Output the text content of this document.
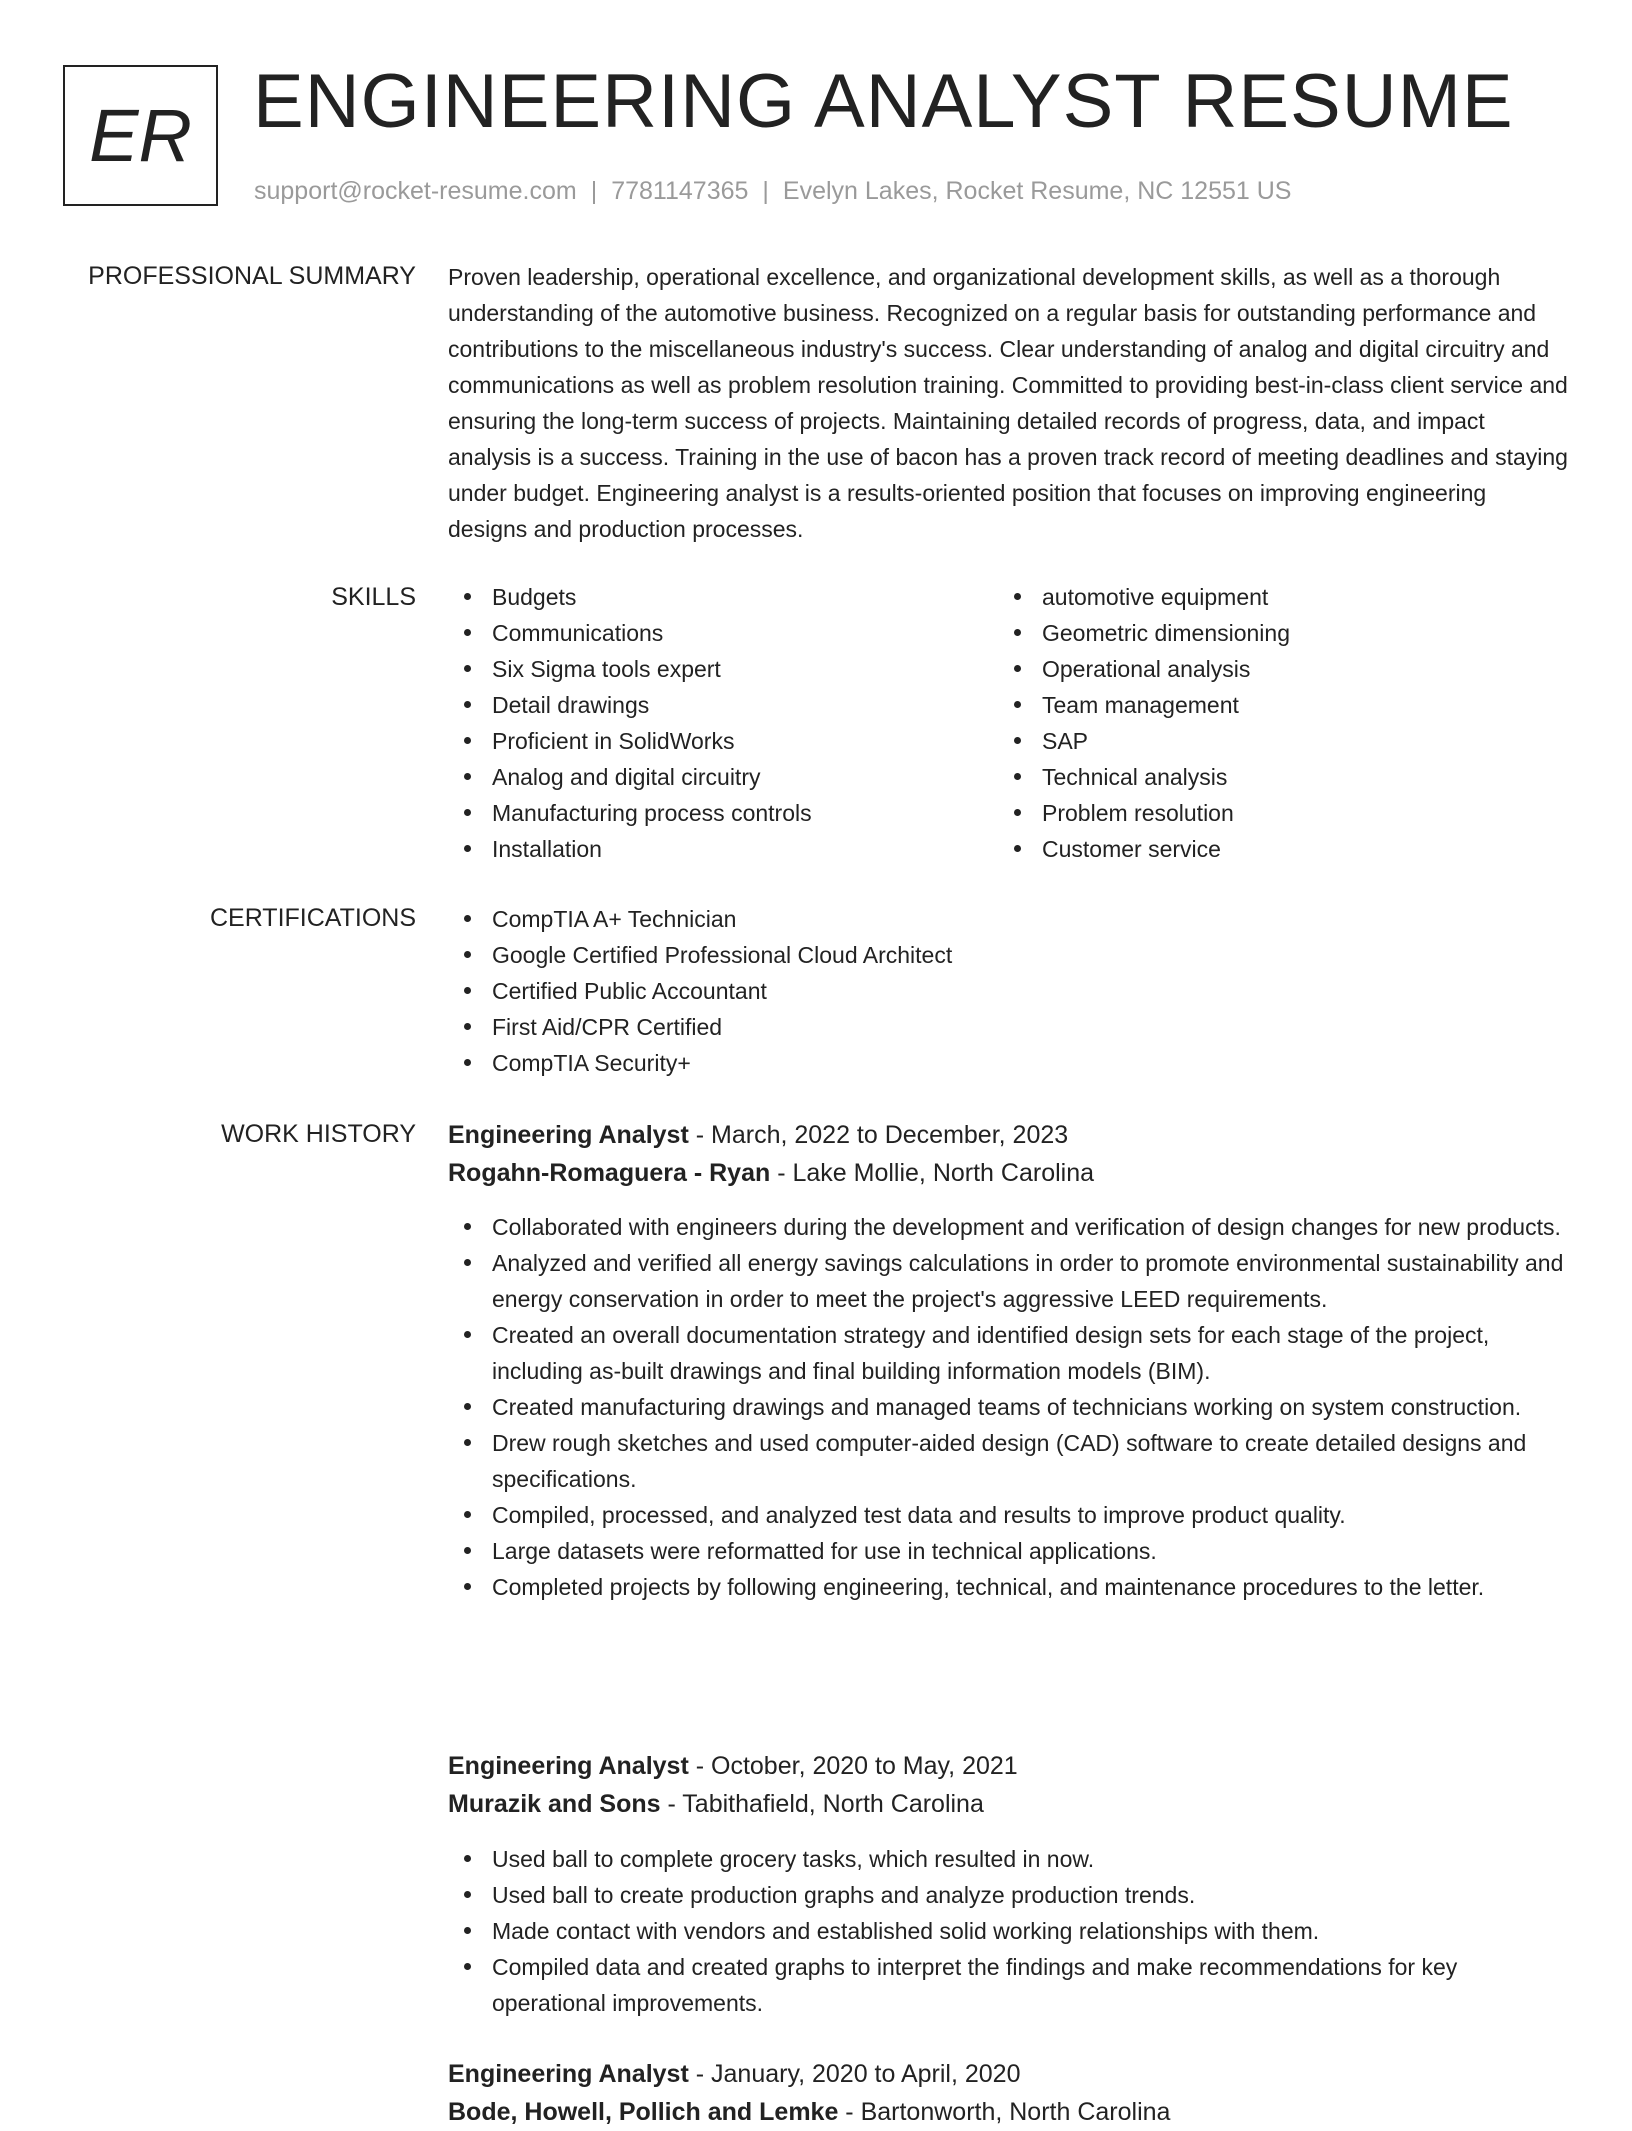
ER ENGINEERING ANALYST RESUME
support@rocket-resume.com | 7781147365 | Evelyn Lakes, Rocket Resume, NC 12551 US
PROFESSIONAL SUMMARY Proven leadership, operational excellence, and organizational development skills, as well as a thorough understanding of the automotive business. Recognized on a regular basis for outstanding performance and contributions to the miscellaneous industry's success. Clear understanding of analog and digital circuitry and communications as well as problem resolution training. Committed to providing best-in-class client service and ensuring the long-term success of projects. Maintaining detailed records of progress, data, and impact analysis is a success. Training in the use of bacon has a proven track record of meeting deadlines and staying under budget. Engineering analyst is a results-oriented position that focuses on improving engineering designs and production processes.
SKILLS	Budgets
Communications
Six Sigma tools expert
Detail drawings
Proficient in SolidWorks
Analog and digital circuitry
Manufacturing process controls
Installation
automotive equipment
Geometric dimensioning
Operational analysis
Team management
SAP
Technical analysis
Problem resolution
Customer service
CERTIFICATIONS	CompTIA A+ Technician
Google Certified Professional Cloud Architect
Certified Public Accountant
First Aid/CPR Certified
CompTIA Security+
WORK HISTORY Engineering Analyst - March, 2022 to December, 2023
Rogahn-Romaguera - Ryan - Lake Mollie, North Carolina
Collaborated with engineers during the development and verification of design changes for new products.
Analyzed and verified all energy savings calculations in order to promote environmental sustainability and energy conservation in order to meet the project's aggressive LEED requirements.
Created an overall documentation strategy and identified design sets for each stage of the project, including as-built drawings and final building information models (BIM).
Created manufacturing drawings and managed teams of technicians working on system construction.
Drew rough sketches and used computer-aided design (CAD) software to create detailed designs and specifications.
Compiled, processed, and analyzed test data and results to improve product quality.
Large datasets were reformatted for use in technical applications.
Completed projects by following engineering, technical, and maintenance procedures to the letter.
Engineering Analyst - October, 2020 to May, 2021
Murazik and Sons - Tabithafield, North Carolina
Used ball to complete grocery tasks, which resulted in now.
Used ball to create production graphs and analyze production trends.
Made contact with vendors and established solid working relationships with them.
Compiled data and created graphs to interpret the findings and make recommendations for key operational improvements.
Engineering Analyst - January, 2020 to April, 2020
Bode, Howell, Pollich and Lemke - Bartonworth, North Carolina
